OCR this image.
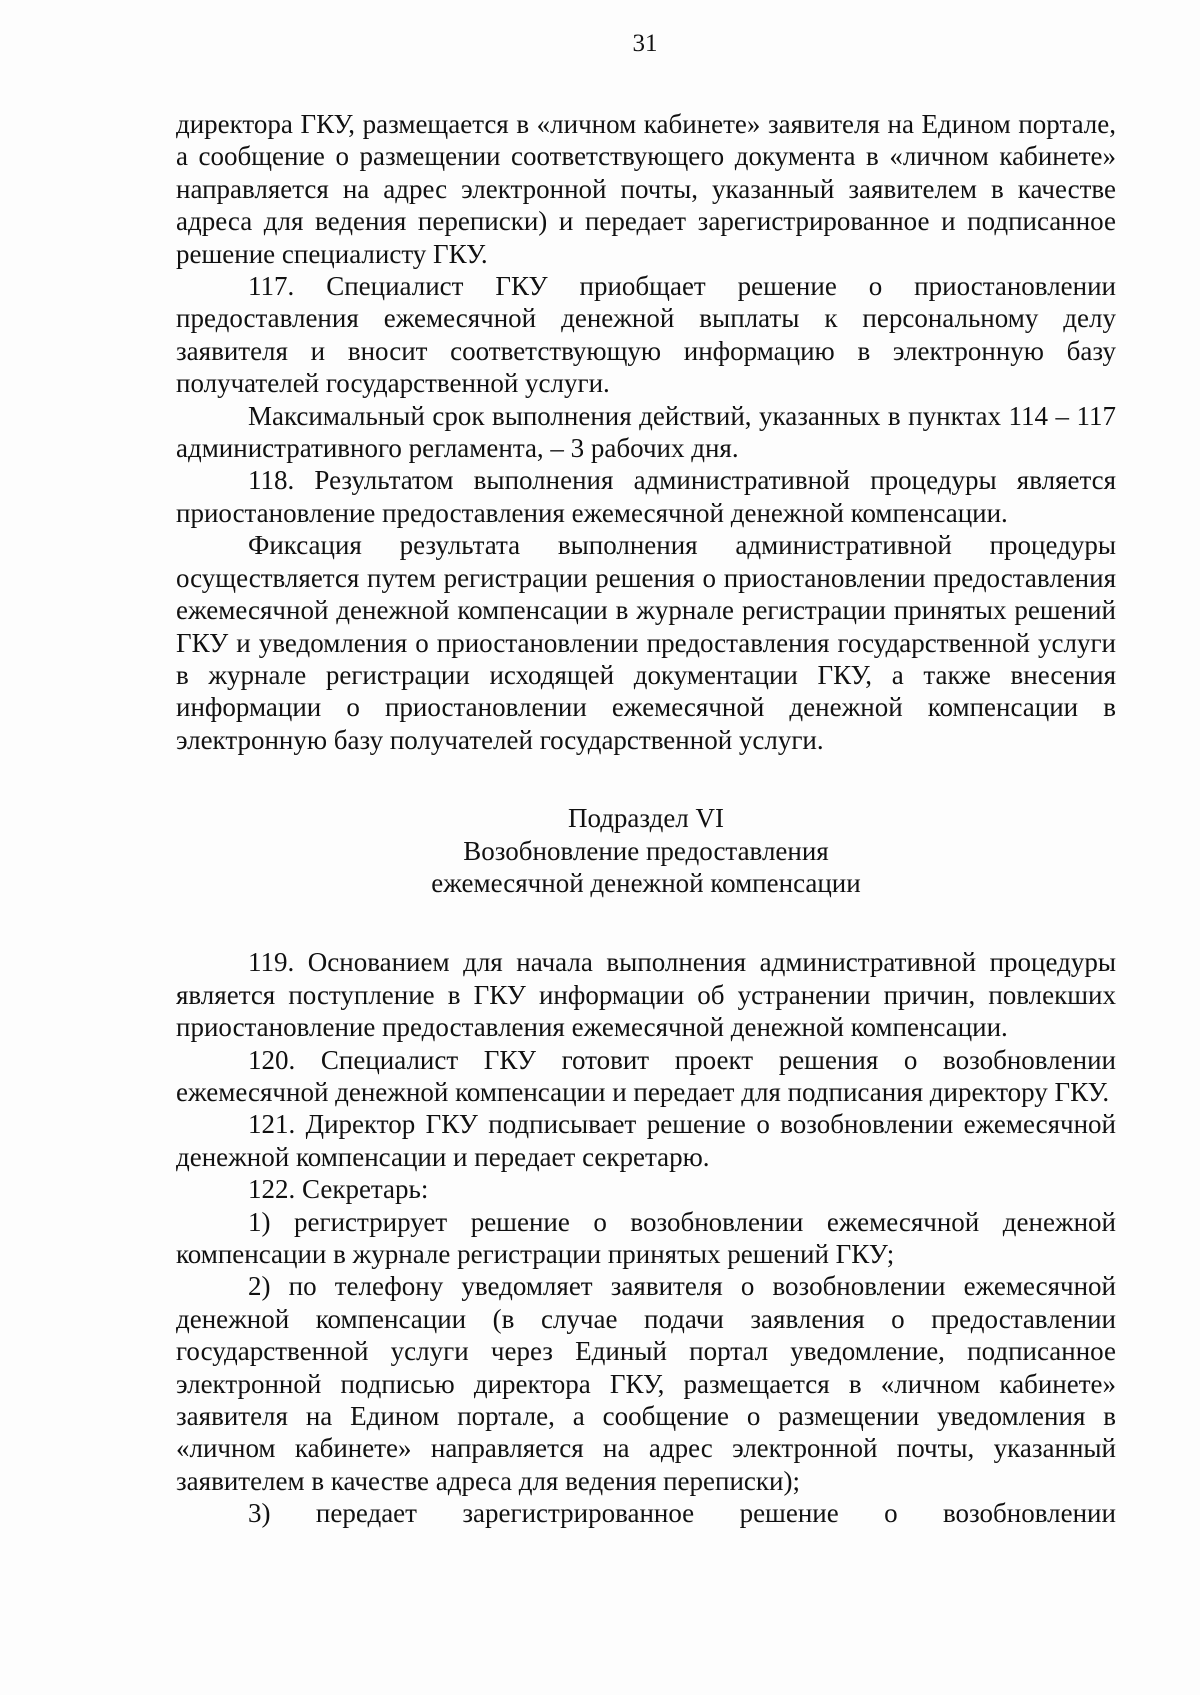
31

директора ГКУ, размещается в «личном кабинете» заявителя на Едином портале, а сообщение о размещении соответствующего документа в «личном кабинете» направляется на адрес электронной почты, указанный заявителем в качестве адреса для ведения переписки) и передает зарегистрированное и подписанное решение специалисту ГКУ.

117. Специалист ГКУ приобщает решение о приостановлении предоставления ежемесячной денежной выплаты к персональному делу заявителя и вносит соответствующую информацию в электронную базу получателей государственной услуги.

Максимальный срок выполнения действий, указанных в пунктах 114 – 117 административного регламента, – 3 рабочих дня.

118. Результатом выполнения административной процедуры является приостановление предоставления ежемесячной денежной компенсации.

Фиксация результата выполнения административной процедуры осуществляется путем регистрации решения о приостановлении предоставления ежемесячной денежной компенсации в журнале регистрации принятых решений ГКУ и уведомления о приостановлении предоставления государственной услуги в журнале регистрации исходящей документации ГКУ, а также внесения информации о приостановлении ежемесячной денежной компенсации в электронную базу получателей государственной услуги.

Подраздел VI
Возобновление предоставления
ежемесячной денежной компенсации

119. Основанием для начала выполнения административной процедуры является поступление в ГКУ информации об устранении причин, повлекших приостановление предоставления ежемесячной денежной компенсации.

120. Специалист ГКУ готовит проект решения о возобновлении ежемесячной денежной компенсации и передает для подписания директору ГКУ.

121. Директор ГКУ подписывает решение о возобновлении ежемесячной денежной компенсации и передает секретарю.

122. Секретарь:

1) регистрирует решение о возобновлении ежемесячной денежной компенсации в журнале регистрации принятых решений ГКУ;

2) по телефону уведомляет заявителя о возобновлении ежемесячной денежной компенсации (в случае подачи заявления о предоставлении государственной услуги через Единый портал уведомление, подписанное электронной подписью директора ГКУ, размещается в «личном кабинете» заявителя на Едином портале, а сообщение о размещении уведомления в «личном кабинете» направляется на адрес электронной почты, указанный заявителем в качестве адреса для ведения переписки);

3) передает зарегистрированное решение о возобновлении
